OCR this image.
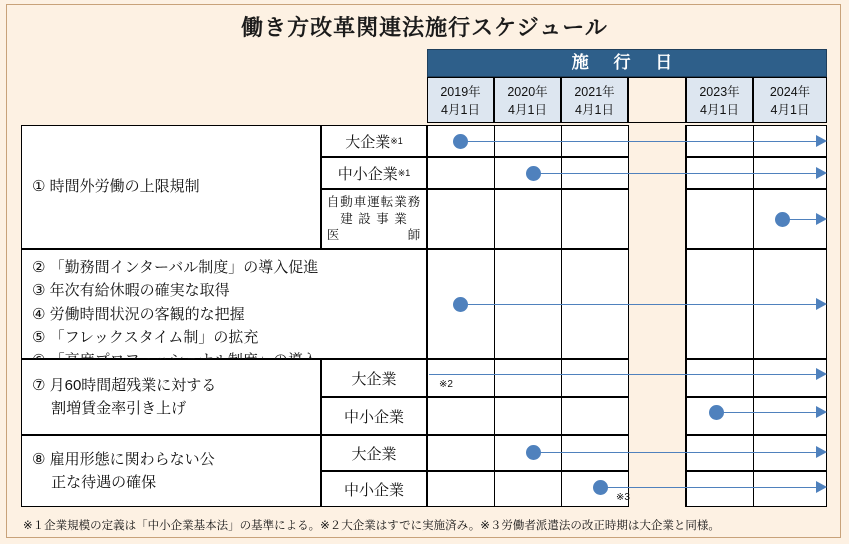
働き方改革関連法施行スケジュール
施 行 日
2019年
4月1日
2020年
4月1日
2021年
4月1日
2023年
4月1日
2024年
4月1日
① 時間外労働の上限規制
大企業 ※1
中小企業 ※1
自動車運転業務
建 設 事 業
医　　　　　師
② 「勤務間インターバル制度」の導入促進
③ 年次有給休暇の確実な取得
④ 労働時間状況の客観的な把握
⑤ 「フレックスタイム制」の拡充
⑦ 月60時間超残業に対する
　 割増賃金率引き上げ
大企業
中小企業
⑧ 雇用形態に関わらない公
　 正な待遇の確保
大企業
中小企業
※2
※3
※１企業規模の定義は「中小企業基本法」の基準による。※２大企業はすでに実施済み。※３労働者派遣法の改正時期は大企業と同様。
